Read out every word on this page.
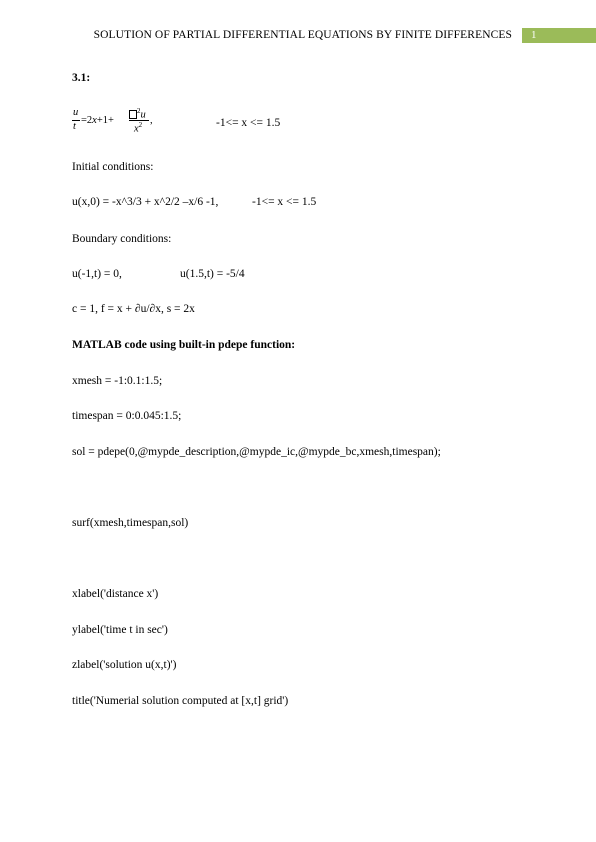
SOLUTION OF PARTIAL DIFFERENTIAL EQUATIONS BY FINITE DIFFERENCES	1
3.1:
u
t
=2x+1+
$^2$u
$x^2$ ,	-1<= x <= 1.5
Initial conditions:
u(x,0) = -x^3/3 + x^2/2 –x/6 -1,	-1<= x <= 1.5
Boundary conditions:
u(-1,t) = 0,	u(1.5,t) = -5/4
c = 1, f = x + ∂u/∂x, s = 2x
MATLAB code using built-in pdepe function:
xmesh = -1:0.1:1.5;
timespan = 0:0.045:1.5;
sol = pdepe(0,@mypde_description,@mypde_ic,@mypde_bc,xmesh,timespan);
surf(xmesh,timespan,sol)
xlabel('distance x')
ylabel('time t in sec')
zlabel('solution u(x,t)')
title('Numerial solution computed at [x,t] grid')
